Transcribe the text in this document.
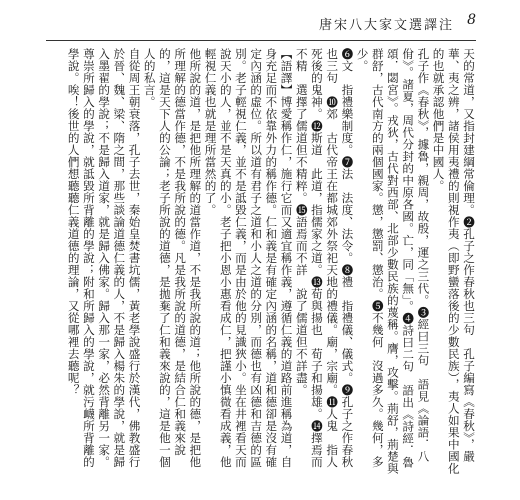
唐宋八大家文選譯注 8

天的常道，又指封建綱常倫理。❷孔子之作春秋也三句　孔子編寫《春秋》，嚴華、夷之辨，諸侯用夷禮的則視作夷（即野蠻落後的少數民族），夷人如果中國化的也就承認他們是中國人。

孔子作《春秋》，據魯，親周，故殷，運之三代。❸經曰三句　語見《論語．八佾》。諸夏，周代分封的中原各國。亡，同「無」。❹詩曰二句　語出《詩經．魯頌．閟宮》。戎狄，古代對西部、北部少數民族的蔑稱。膺，攻擊。荊舒，荊楚與群舒，古代南方的兩個國家。懲，懲罰、懲治。❺不幾何　沒過多久。幾何，多少。

❻文　指禮樂制度。❼法　法度、法令。❽禮　指禮儀、儀式。❾孔子之作春秋也三句　❿郊　古代帝王在都城郊外祭祀天地的禮儀。廟，宗廟。⓫人鬼　指人死後的鬼神。⓬斯道　此道，指儒家之道。⓭荀與揚也　荀子和揚雄。⓮擇焉而不精　選擇了儒道但不精粹。⓯語焉而不詳　說了儒道但不詳盡。

【語譯】博愛稱作仁，施行它而又適宜稱作義，遵循仁義的道路前進稱為道，自身充足而不依靠外力的稱作德。仁和義是有確定內涵的名稱，道和德卻是沒有確定內涵的虛位。所以道有君子之道和小人之道的分別，而德也有凶德和吉德的區別。老子輕視仁義，並不是詆毀仁義，而是由於他的見識狹小。坐在井裡看天而說天小的人，並不是天真的小。老子把小恩小惠看成仁，把謹小慎微看成義，他輕視仁義也就是理所當然的了。

他所說的道，是把他所理解的道當作道，不是我所說的道；他所說的德，是把他所理解的德當作德，不是我所說的德。凡是我所說的道德，是結合仁和義來說的，這是天下人的公論；老子所說的道德，是拋棄了仁和義來說的，這是他一個人的私言。

自從周王朝衰落，孔子去世，秦始皇焚書坑儒，黃老學說盛行於漢代，佛教盛行於晉、魏、梁、隋之間，那些談論道德仁義的人，不是歸入楊朱的學說，就是歸入墨翟的學說；不是歸入道家，就是歸入佛家。歸入那一家，必然背離另一家。尊崇所歸入的學說，就詆毀所背離的學說；附和所歸入的學說，就污衊所背離的學說。唉！後世的人們想聽聽仁義道德的理論，又從哪裡去聽呢？
